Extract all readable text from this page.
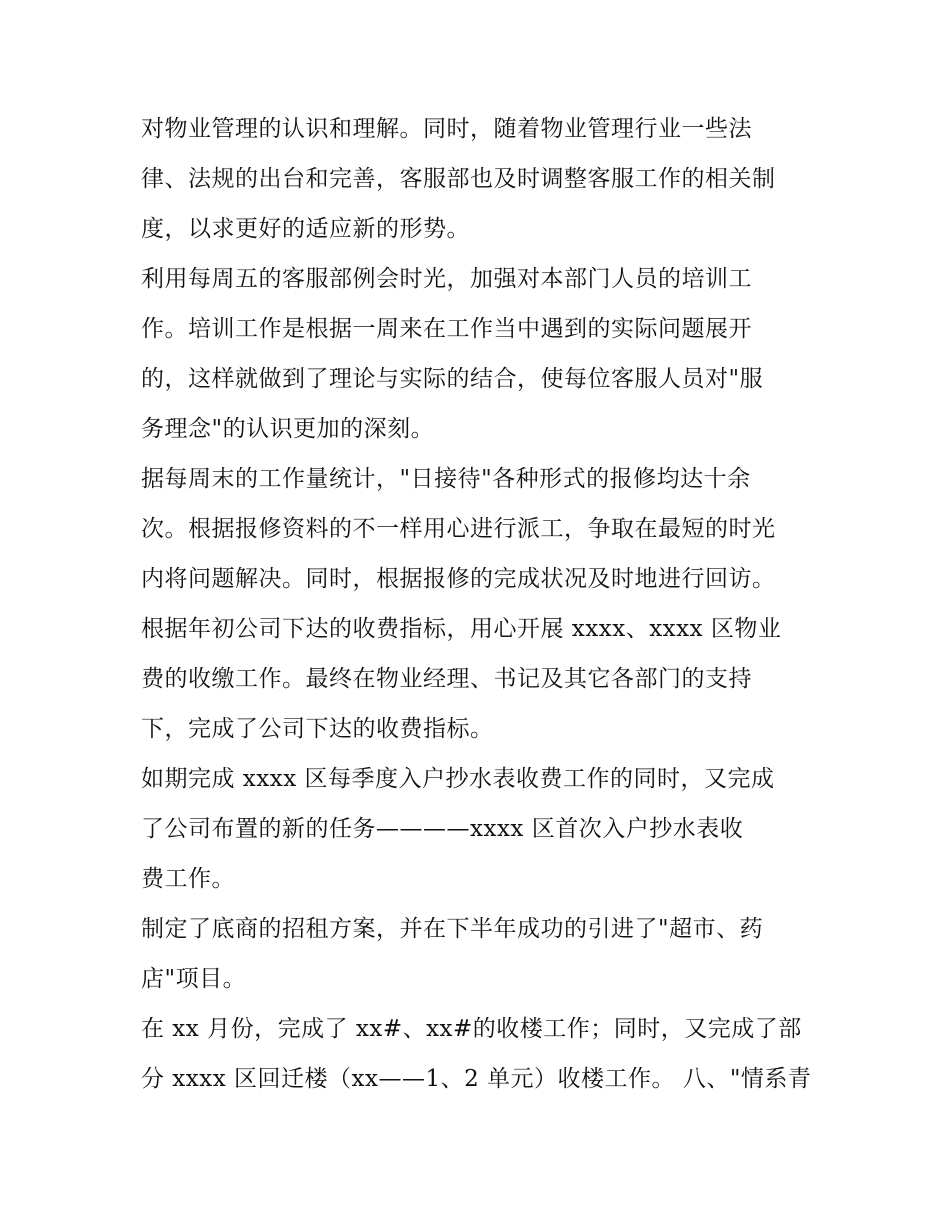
对物业管理的认识和理解。同时，随着物业管理行业一些法
律、法规的出台和完善，客服部也及时调整客服工作的相关制
度，以求更好的适应新的形势。
利用每周五的客服部例会时光，加强对本部门人员的培训工
作。培训工作是根据一周来在工作当中遇到的实际问题展开
的，这样就做到了理论与实际的结合，使每位客服人员对"服
务理念"的认识更加的深刻。
据每周末的工作量统计，"日接待"各种形式的报修均达十余
次。根据报修资料的不一样用心进行派工，争取在最短的时光
内将问题解决。同时，根据报修的完成状况及时地进行回访。
根据年初公司下达的收费指标，用心开展 xxxx、xxxx 区物业
费的收缴工作。最终在物业经理、书记及其它各部门的支持
下，完成了公司下达的收费指标。
如期完成 xxxx 区每季度入户抄水表收费工作的同时，又完成
了公司布置的新的任务————xxxx 区首次入户抄水表收
费工作。
制定了底商的招租方案，并在下半年成功的引进了"超市、药
店"项目。
在 xx 月份，完成了 xx#、xx#的收楼工作；同时，又完成了部
分 xxxx 区回迁楼（xx——1、2 单元）收楼工作。 八、"情系青
